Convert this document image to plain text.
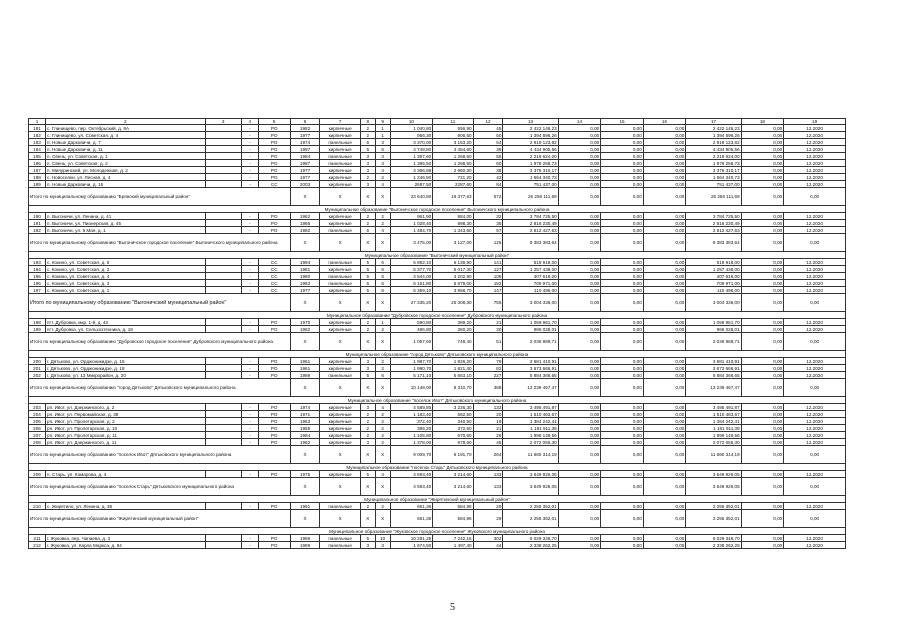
1	2	3	4	5	6	7	8	9	10	11	12	13	14	15	16	17	18	19
181	с. Глинищево, пер. Октябрьский, д. 8А		-	РО	1982	кирпичные	2	1	1 040,80	556,90	45	2 422 146,23	0,00	0,00	0,00	2 422 146,23	0,00	12.2020
182	с. Глинищево, ул. Советская, д. 4		-	РО	1977	кирпичные	2	1	956,30	906,60	50	1 394 596,26	0,00	0,00	0,00	1 394 596,26	0,00	12.2020
183	п. Новые Дарковичи, д. 7		-	РО	1974	панельные	5	3	3 370,00	3 153,20	54	2 919 123,82	0,00	0,00	0,00	2 919 123,82	0,00	12.2020
184	п. Новые Дарковичи, д. 11		-	РО	1997	кирпичные	5	5	4 749,80	4 454,60	38	4 434 905,56	0,00	0,00	0,00	4 434 905,56	0,00	12.2020
185	п. Свень, ул. Советская, д. 1		-	РО	1984	панельные	3	3	1 397,60	1 268,50	55	2 218 624,00	0,00	0,00	0,00	2 218 624,00	0,00	12.2020
186	п. Свень, ул. Советская, д. 2		-	РО	1987	панельные	3	3	1 395,50	1 268,50	60	1 978 258,73	0,00	0,00	0,00	1 978 258,73	0,00	12.2020
187	п. Мичуринский, ул. Молодежная, д. 2		-	РО	1977	кирпичные	3	4	4 366,86	2 960,30	38	3 376 310,17	0,00	0,00	0,00	3 376 310,17	0,00	12.2020
188	с. Новоселки, ул. Лесная, д. 4		-	РО	1977	кирпичные	2	2	1 246,50	721,20	42	1 664 340,73	0,00	0,00	0,00	1 664 340,73	0,00	12.2020
189	п. Новые Дарковичи, д. 16		-	СС	2003	кирпичные	3	4	2687,50	2287,60	84	751 437,00	0,00	0,00	0,00	751 437,00	0,00	12.2020
Итого по муниципальному образованию "Брянский муниципальный район"					X	X	X	X	23 640,80	19 377,63	572	25 256 111,69	0,00	0,00	0,00	25 256 111,69	0,00	0,00
Муниципальное образование "Выгоничское городское поселение" Выгоничского муниципального района																		
190	п. Выгоничи, ул. Ленина, д. 41		-	РО	1962	кирпичные	2	2	961,90	884,00	32	3 784 725,50	0,00	0,00	0,00	3 784 725,50	0,00	12.2020
191	п. Выгоничи, ул. Пионерская, д. 45		-	РО	1986	кирпичные	2	2	1 028,40	898,30	35	2 816 230,49	0,00	0,00	0,00	2 816 230,49	0,00	12.2020
192	п. Выгоничи, ул. 5 Мая, д. 1		-	РО	1982	панельные	5	4	1 484,70	1 343,60	57	2 812 427,63	0,00	0,00	0,00	2 812 427,63	0,00	12.2020
Итого по муниципальному образованию "Выгоничское городское поселение" Выгоничского муниципального района					X	X	X	X	3 475,00	3 127,00	125	9 383 383,64	0,00	0,00	0,00	9 383 383,64	0,00	0,00
Муниципальное образование "Выгоничский муниципальный район"																		
193	с. Кокино, ул. Советская, д. 5		-	СС	1994	панельные	5	6	6 892,10	6 136,90	141	519 918,00	0,00	0,00	0,00	519 918,00	0,00	12.2020
194	с. Кокино, ул. Советская, д. 2		-	СС	1981	кирпичные	5	6	5 377,70	5 017,30	127	1 257 438,00	0,00	0,00	0,00	1 257 438,00	0,00	12.2020
195	с. Кокино, ул. Советская, д. 4		-	СС	1980	панельные	5	6	4 544,00	4 202,90	108	407 616,00	0,00	0,00	0,00	407 616,00	0,00	12.2020
196	с. Кокино, ул. Советская, д. 3		-	СС	1983	панельные	5	6	6 161,80	5 879,00	182	709 971,00	0,00	0,00	0,00	709 971,00	0,00	12.2020
197	с. Кокино, ул. Советская, д. 1		-	СС	1977	кирпичные	5	6	5 359,10	3 958,70	147	110 496,00	0,00	0,00	0,00	110 496,00	0,00	12.2020
Итого по муниципальному образованию "Выгоничский муниципальный район"					X	X	X	X	27 335,20	25 308,30	755	3 004 336,00	0,00	0,00	0,00	3 004 336,00	0,00	0,00
Муниципальное образование "Дубровское городское поселение" Дубровского муниципального района																		
198	пгт. Дубровка, мкр. 1-й, д. 42		-	РО	1970	кирпичные	2	1	590,80	389,20	21	1 059 961,70	0,00	0,00	0,00	1 059 961,70	0,00	12.2020
199	пгт. Дубровка, ул. Сельхозтехника, д. 18		-	РО	1982	кирпичные	2	2	486,80	360,20	30	986 028,01	0,00	0,00	0,00	986 028,01	0,00	12.2020
Итого по муниципальному образованию "Дубровское городское поселение" Дубровского муниципального района					X	X	X	X	1 057,60	749,40	51	2 036 989,71	0,00	0,00	0,00	2 036 989,71	0,00	0,00
Муниципальное образование "город Дятьково" Дятьковского муниципального района																		
200	г. Дятьково, ул. Орджоникидзе, д. 16		-	РО	1961	кирпичные	3	2	1 987,70	1 826,20	79	3 681 410,91	0,00	0,00	0,00	3 681 410,91	0,00	12.2020
201	г. Дятьково, ул. Орджоникидзе, д. 18		-	РО	1961	кирпичные	3	2	1 990,70	1 821,40	82	3 673 666,91	0,00	0,00	0,00	3 673 666,91	0,00	12.2020
202	г. Дятьково, ул. 13 Микрорайон, д. 20		-	РО	1989	панельные	5	6	5 171,10	5 663,10	227	5 884 366,65	0,00	0,00	0,00	5 884 366,65	0,00	12.2020
Итого по муниципальному образованию "город Дятьково" Дятьковского муниципального района					X	X	X	X	10 149,00	9 310,70	388	13 239 467,47	0,00	0,00	0,00	13 239 467,47	0,00	0,00
Муниципальное образование "поселок Ивот" Дятьковского муниципального района																		
203	рп. Ивот, ул. Дзержинского, д. 2		-	РО	1974	кирпичные	3	4	4 589,80	3 226,30	133	3 495 491,87	0,00	0,00	0,00	3 495 491,87	0,00	12.2020
204	рп. Ивот, ул. Первомайская, д. 38		-	РО	1971	кирпичные	2	2	1 183,40	682,50	20	1 510 463,67	0,00	0,00	0,00	1 510 463,67	0,00	12.2020
205	рп. Ивот, ул. Пролетарская, д. 2		-	РО	1953	кирпичные	2	2	372,40	340,50	19	1 384 242,41	0,00	0,00	0,00	1 384 242,41	0,00	12.2020
206	рп. Ивот, ул. Пролетарская, д. 10		-	РО	1955	кирпичные	2	2	395,20	372,50	21	1 181 911,39	0,00	0,00	0,00	1 181 911,39	0,00	12.2020
207	рп. Ивот, ул. Пролетарская, д. 11		-	РО	1984	кирпичные	2	2	1 105,80	570,60	26	1 996 149,56	0,00	0,00	0,00	1 996 149,56	0,00	12.2020
208	рп. Ивот, ул. Дзержинского, д. 11		-	РО	1962	кирпичные	3	2	1 378,00	979,60	45	2 072 055,30	0,00	0,00	0,00	2 072 055,30	0,00	12.2020
Итого по муниципальному образованию "поселок Ивот" Дятьковского муниципального района					X	X	X	X	9 009,70	6 191,70	264	11 660 314,19	0,00	0,00	0,00	11 660 314,19	0,00	0,00
Муниципальное образование "поселок Старь" Дятьковского муниципального района																		
209	п. Старь, ул. Комарова, д. 4		-	РО	1975	кирпичные	5	4	4 593,40	3 214,60	133	3 649 926,05	0,00	0,00	0,00	3 649 926,05	0,00	12.2020
Итого по муниципальному образованию "поселок Старь" Дятьковского муниципального района					X	X	X	X	4 593,40	3 214,60	133	3 649 926,05	0,00	0,00	0,00	3 649 926,05	0,00	0,00
Муниципальное образование "Жирятинский муниципальный район"																		
210	с. Жирятино, ул. Ленина, д. 39		-	РО	1991	панельные	2	2	661,36	584,96	29	2 255 352,01	0,00	0,00	0,00	2 255 352,01	0,00	12.2020
Итого по муниципальному образованию "Жирятинский муниципальный район"					X	X	X	X	661,36	584,96	29	2 255 352,01	0,00	0,00	0,00	2 255 352,01	0,00	0,00
Муниципальное образование "Жуковское городское поселение" Жуковского муниципального района																		
211	г. Жуковка, пер. Чапаева, д. 3		-	РО	1986	панельные	5	10	10 281,25	7 242,16	302	6 029 346,70	0,00	0,00	0,00	6 029 346,70	0,00	12.2020
212	г. Жуковка, ул. Карла Маркса, д. 84		-	РО	1989	панельные	3	3	1 674,50	1 497,40	44	2 338 262,25	0,00	0,00	0,00	2 338 262,25	0,00	12.2020
5
